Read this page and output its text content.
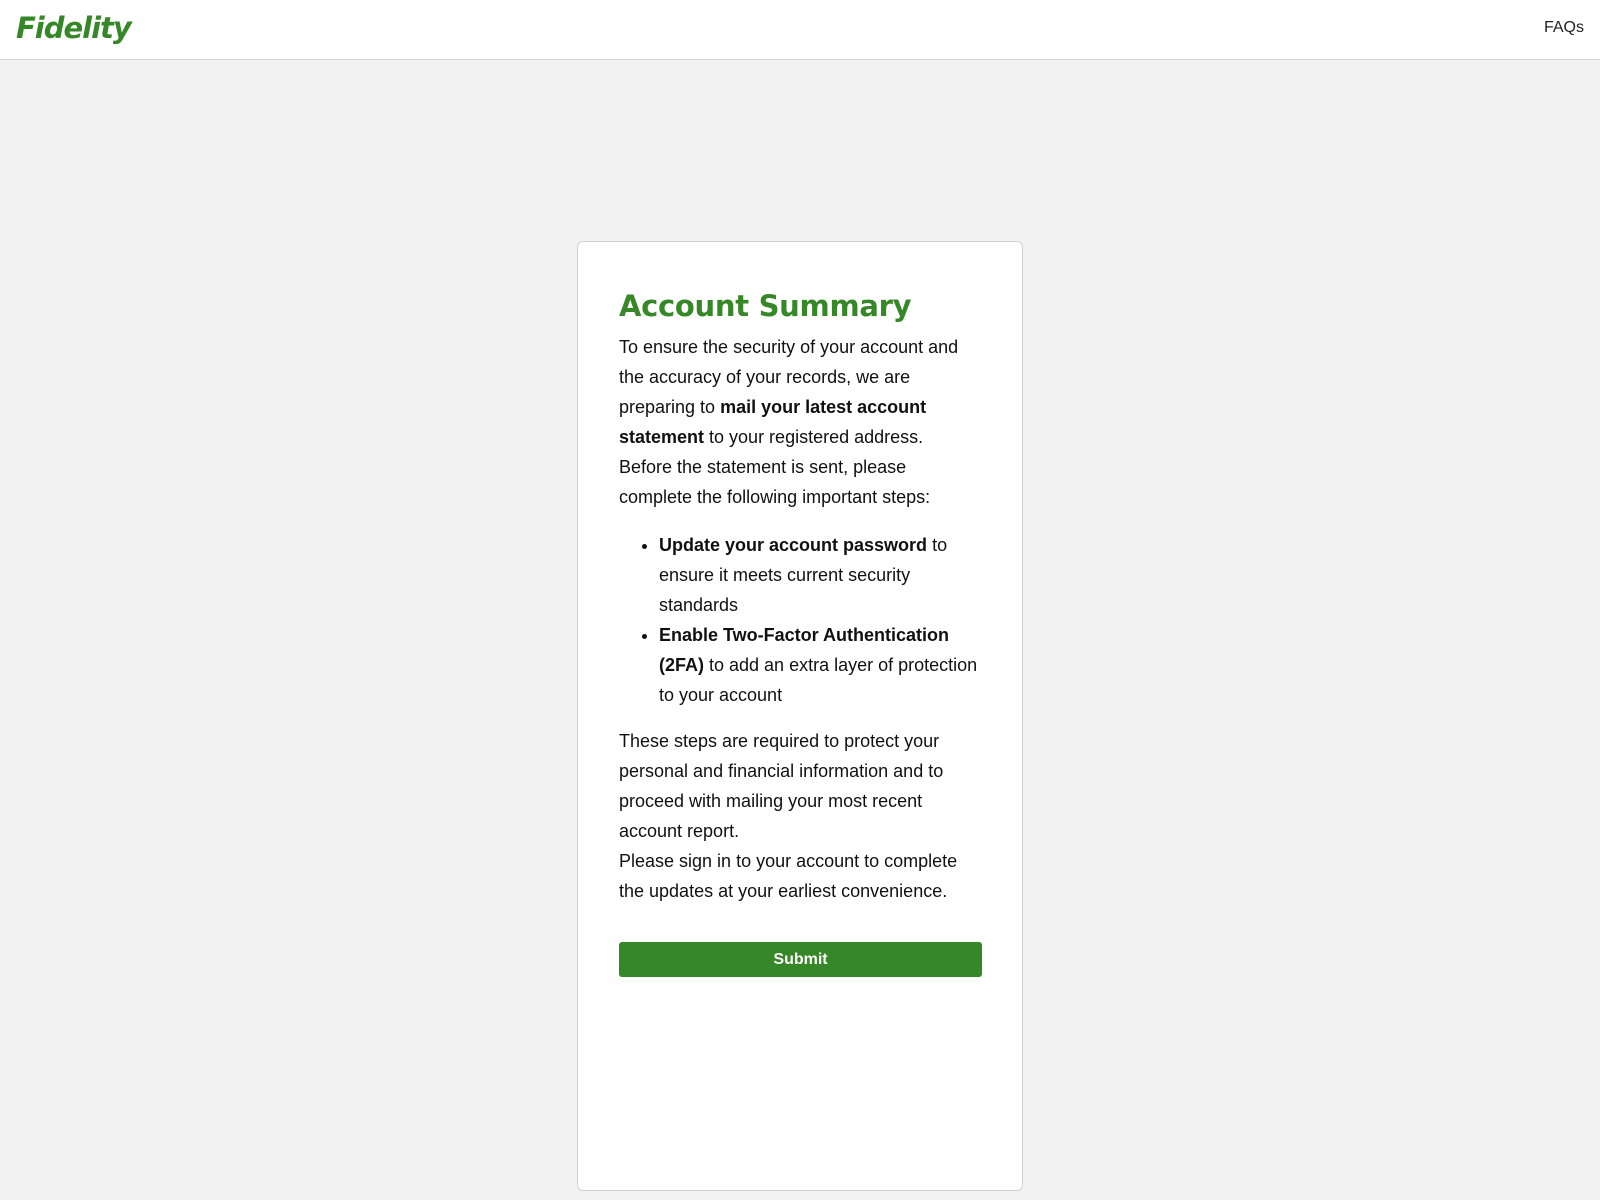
Fidelity	FAQs
Account Summary

To ensure the security of your account and the accuracy of your records, we are preparing to mail your latest account statement to your registered address.
Before the statement is sent, please complete the following important steps:

• Update your account password to ensure it meets current security standards
• Enable Two-Factor Authentication (2FA) to add an extra layer of protection to your account

These steps are required to protect your personal and financial information and to proceed with mailing your most recent account report.
Please sign in to your account to complete the updates at your earliest convenience.

Submit
